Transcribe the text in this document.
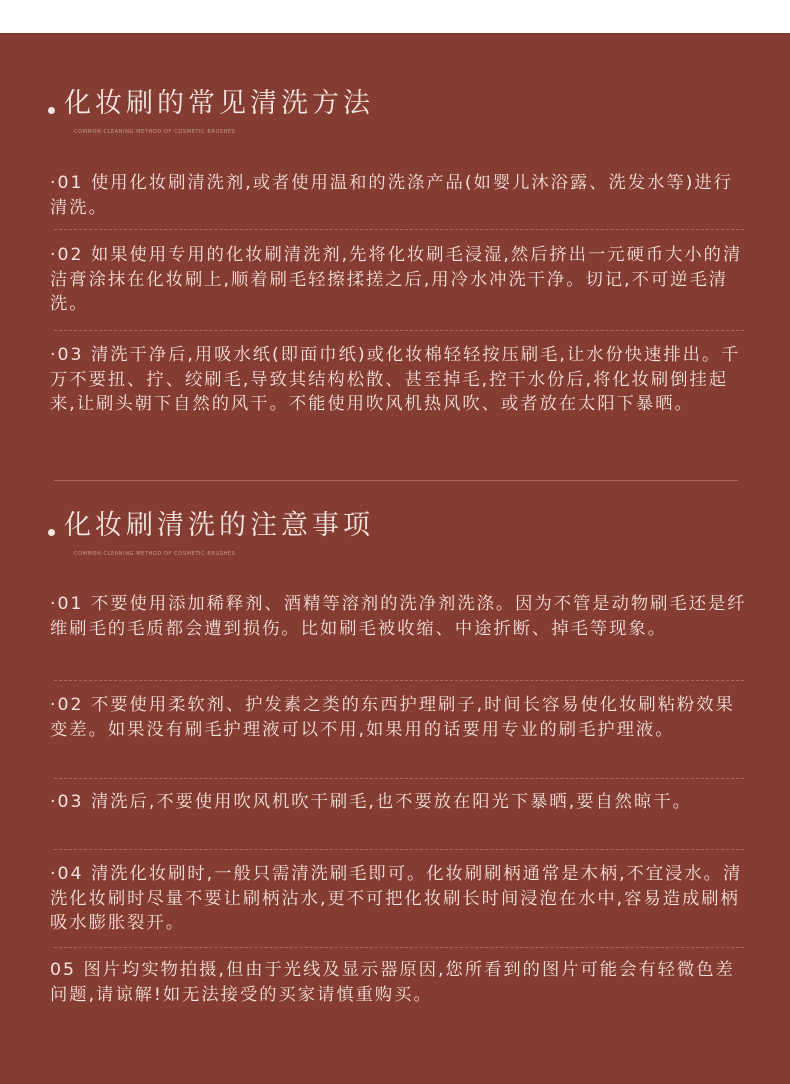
化妆刷的常见清洗方法
COMMON CLEANING METHOD OF COSMETIC BRUSHES
·01 使用化妆刷清洗剂,或者使用温和的洗涤产品(如婴儿沐浴露、洗发水等)进行清洗。
·02 如果使用专用的化妆刷清洗剂,先将化妆刷毛浸湿,然后挤出一元硬币大小的清洁膏涂抹在化妆刷上,顺着刷毛轻擦揉搓之后,用冷水冲洗干净。切记,不可逆毛清洗。
·03 清洗干净后,用吸水纸(即面巾纸)或化妆棉轻轻按压刷毛,让水份快速排出。千万不要扭、拧、绞刷毛,导致其结构松散、甚至掉毛,控干水份后,将化妆刷倒挂起来,让刷头朝下自然的风干。不能使用吹风机热风吹、或者放在太阳下暴晒。
化妆刷清洗的注意事项
COMMON CLEANING METHOD OF COSMETIC BRUSHES
·01 不要使用添加稀释剂、酒精等溶剂的洗净剂洗涤。因为不管是动物刷毛还是纤维刷毛的毛质都会遭到损伤。比如刷毛被收缩、中途折断、掉毛等现象。
·02 不要使用柔软剂、护发素之类的东西护理刷子,时间长容易使化妆刷粘粉效果变差。如果没有刷毛护理液可以不用,如果用的话要用专业的刷毛护理液。
·03 清洗后,不要使用吹风机吹干刷毛,也不要放在阳光下暴晒,要自然晾干。
·04 清洗化妆刷时,一般只需清洗刷毛即可。化妆刷刷柄通常是木柄,不宜浸水。清洗化妆刷时尽量不要让刷柄沾水,更不可把化妆刷长时间浸泡在水中,容易造成刷柄吸水膨胀裂开。
05 图片均实物拍摄,但由于光线及显示器原因,您所看到的图片可能会有轻微色差问题,请谅解!如无法接受的买家请慎重购买。
